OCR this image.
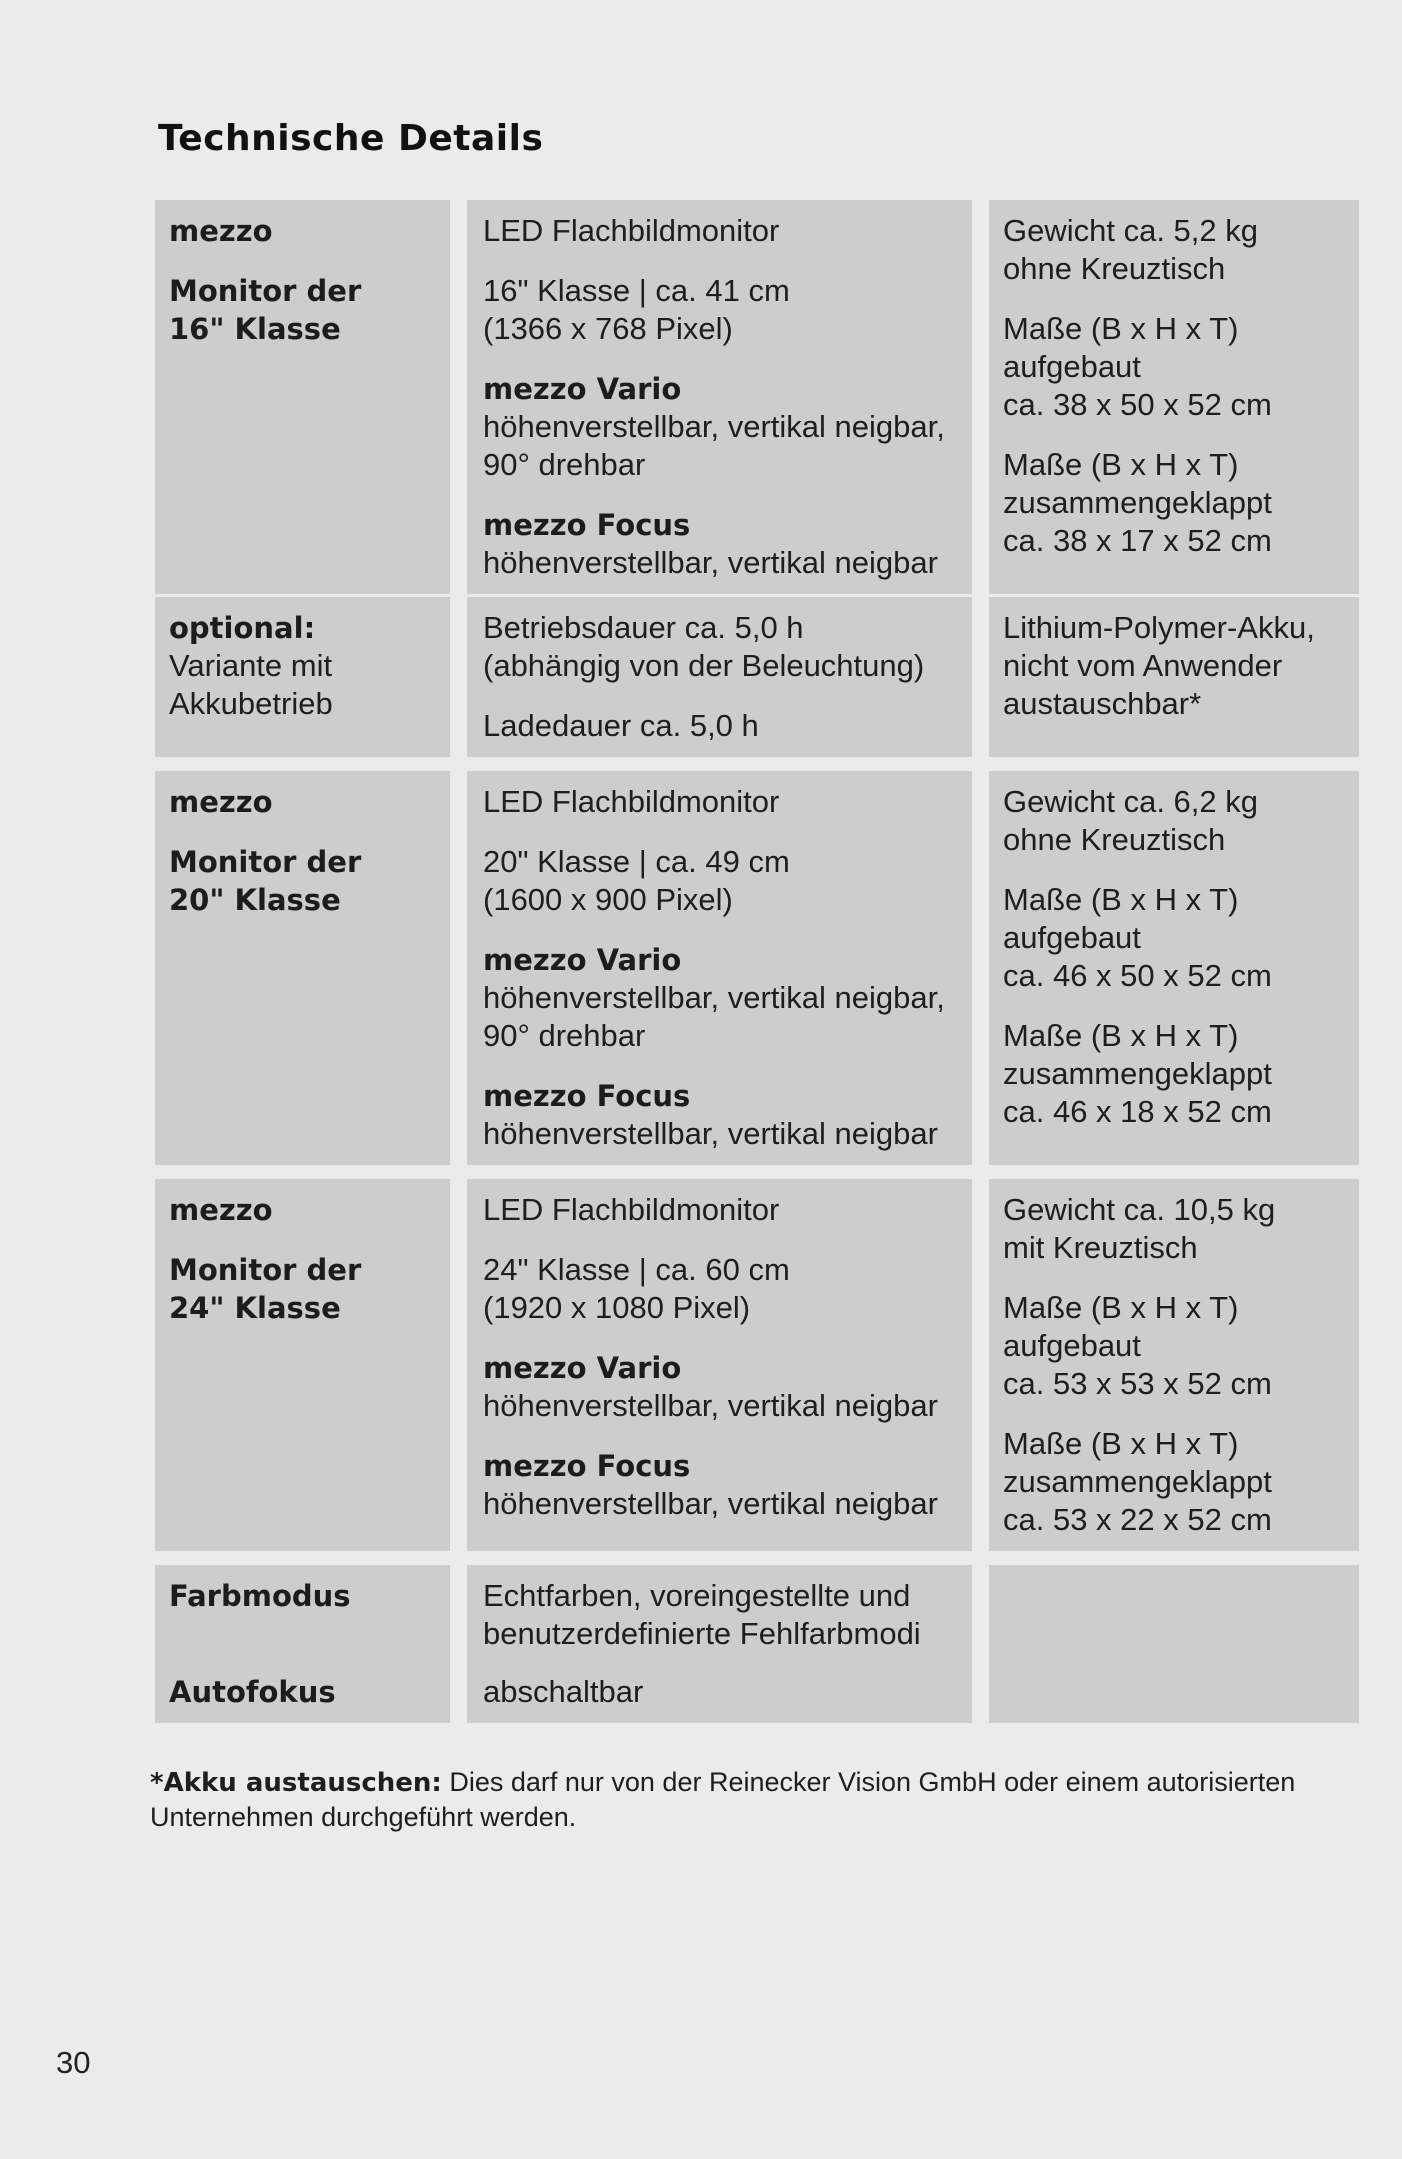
Technische Details
mezzo
Monitor der
16" Klasse
LED Flachbildmonitor
16" Klasse | ca. 41 cm
(1366 x 768 Pixel)
mezzo Vario
höhenverstellbar, vertikal neigbar,
90° drehbar
mezzo Focus
höhenverstellbar, vertikal neigbar
Gewicht ca. 5,2 kg
ohne Kreuztisch
Maße (B x H x T)
aufgebaut
ca. 38 x 50 x 52 cm
Maße (B x H x T)
zusammengeklappt
ca. 38 x 17 x 52 cm
optional:
Variante mit
Akkubetrieb
Betriebsdauer ca. 5,0 h
(abhängig von der Beleuchtung)
Ladedauer ca. 5,0 h
Lithium-Polymer-Akku,
nicht vom Anwender
austauschbar*
mezzo
Monitor der
20" Klasse
LED Flachbildmonitor
20" Klasse | ca. 49 cm
(1600 x 900 Pixel)
mezzo Vario
höhenverstellbar, vertikal neigbar,
90° drehbar
mezzo Focus
höhenverstellbar, vertikal neigbar
Gewicht ca. 6,2 kg
ohne Kreuztisch
Maße (B x H x T)
aufgebaut
ca. 46 x 50 x 52 cm
Maße (B x H x T)
zusammengeklappt
ca. 46 x 18 x 52 cm
mezzo
Monitor der
24" Klasse
LED Flachbildmonitor
24" Klasse | ca. 60 cm
(1920 x 1080 Pixel)
mezzo Vario
höhenverstellbar, vertikal neigbar
mezzo Focus
höhenverstellbar, vertikal neigbar
Gewicht ca. 10,5 kg
mit Kreuztisch
Maße (B x H x T)
aufgebaut
ca. 53 x 53 x 52 cm
Maße (B x H x T)
zusammengeklappt
ca. 53 x 22 x 52 cm
Farbmodus
Autofokus
Echtfarben, voreingestellte und
benutzerdefinierte Fehlfarbmodi
abschaltbar
*Akku austauschen: Dies darf nur von der Reinecker Vision GmbH oder einem autorisierten Unternehmen durchgeführt werden.
30
